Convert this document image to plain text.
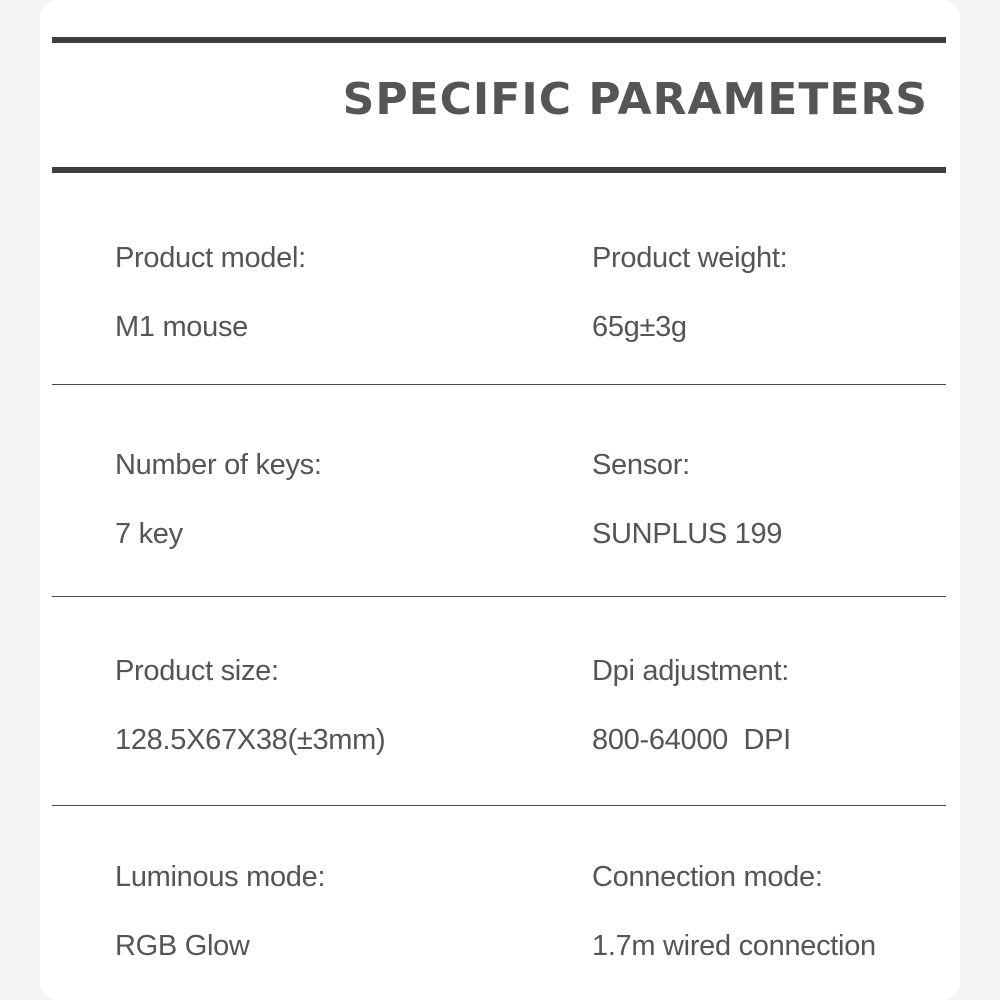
SPECIFIC PARAMETERS

Product model:

M1 mouse

Product weight:

65g±3g

Number of keys:

7 key

Sensor:

SUNPLUS 199

Product size:

128.5X67X38(±3mm)

Dpi adjustment:

800-64000  DPI

Luminous mode:

RGB Glow

Connection mode:

1.7m wired connection
